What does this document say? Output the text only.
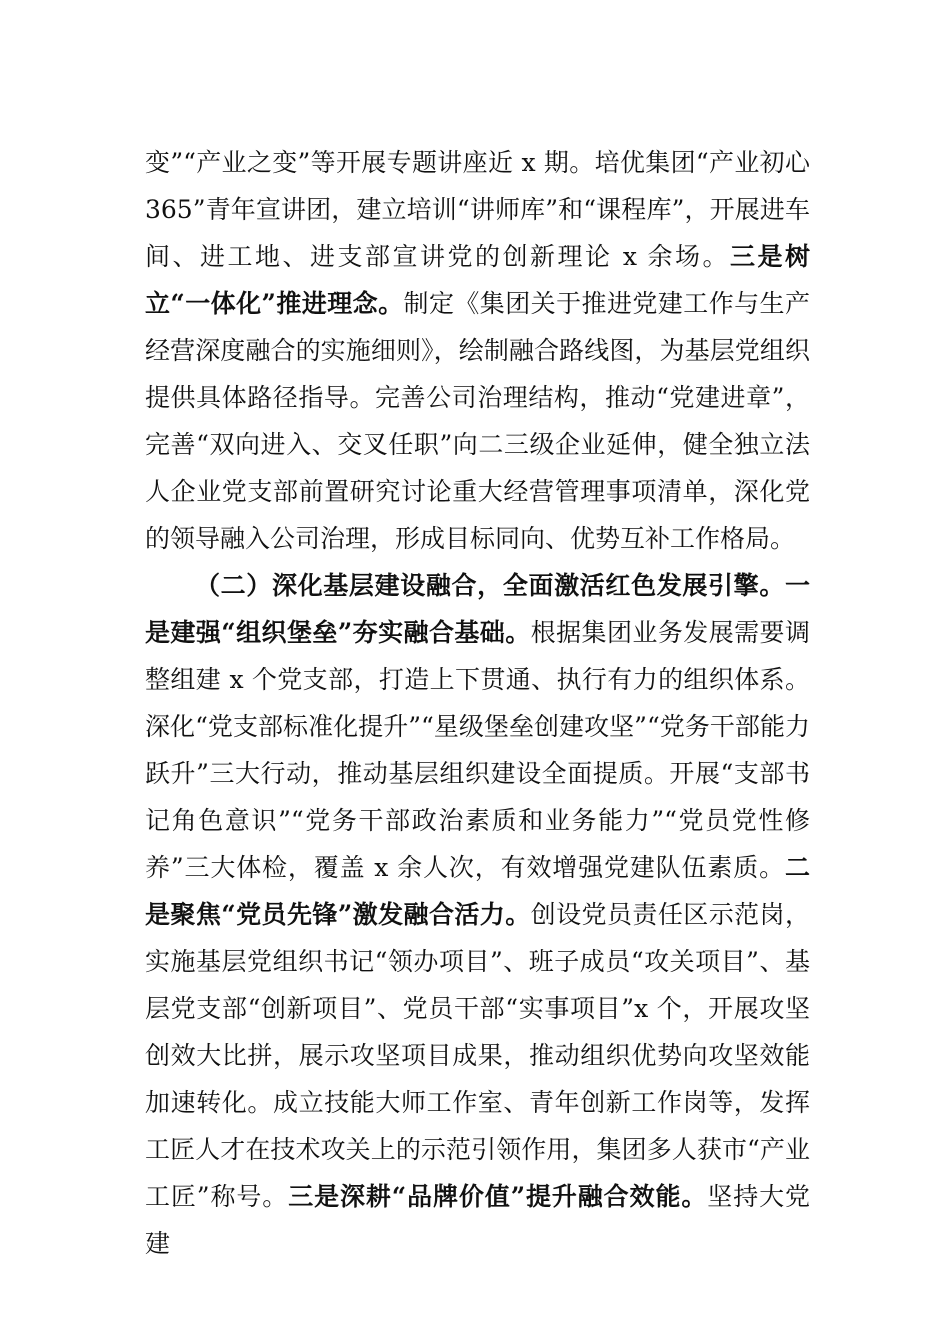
变”“产业之变”等开展专题讲座近 x 期。培优集团“产业初心 365”青年宣讲团，建立培训“讲师库”和“课程库”，开展进车间、进工地、进支部宣讲党的创新理论 x 余场。三是树立“一体化”推进理念。制定《集团关于推进党建工作与生产经营深度融合的实施细则》，绘制融合路线图，为基层党组织提供具体路径指导。完善公司治理结构，推动“党建进章”，完善“双向进入、交叉任职”向二三级企业延伸，健全独立法人企业党支部前置研究讨论重大经营管理事项清单，深化党的领导融入公司治理，形成目标同向、优势互补工作格局。

（二）深化基层建设融合，全面激活红色发展引擎。一是建强“组织堡垒”夯实融合基础。根据集团业务发展需要调整组建 x 个党支部，打造上下贯通、执行有力的组织体系。深化“党支部标准化提升”“星级堡垒创建攻坚”“党务干部能力跃升”三大行动，推动基层组织建设全面提质。开展“支部书记角色意识”“党务干部政治素质和业务能力”“党员党性修养”三大体检，覆盖 x 余人次，有效增强党建队伍素质。二是聚焦“党员先锋”激发融合活力。创设党员责任区示范岗，实施基层党组织书记“领办项目”、班子成员“攻关项目”、基层党支部“创新项目”、党员干部“实事项目”x 个，开展攻坚创效大比拼，展示攻坚项目成果，推动组织优势向攻坚效能加速转化。成立技能大师工作室、青年创新工作岗等，发挥工匠人才在技术攻关上的示范引领作用，集团多人获市“产业工匠”称号。三是深耕“品牌价值”提升融合效能。坚持大党建
